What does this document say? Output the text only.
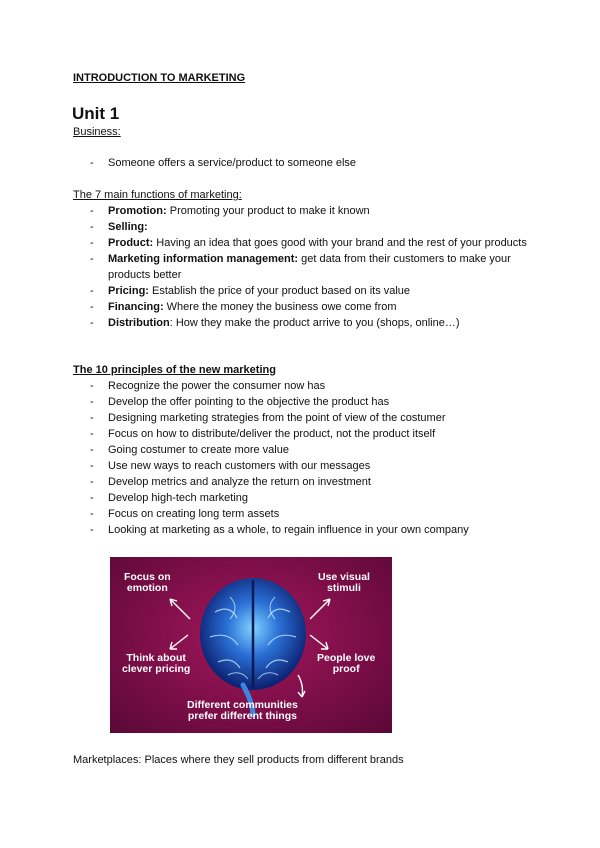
INTRODUCTION TO MARKETING
Unit 1
Business:
- Someone offers a service/product to someone else
The 7 main functions of marketing:
- Promotion: Promoting your product to make it known
- Selling:
- Product: Having an idea that goes good with your brand and the rest of your products
- Marketing information management: get data from their customers to make your products better
- Pricing: Establish the price of your product based on its value
- Financing: Where the money the business owe come from
- Distribution: How they make the product arrive to you (shops, online…)
The 10 principles of the new marketing
- Recognize the power the consumer now has
- Develop the offer pointing to the objective the product has
- Designing marketing strategies from the point of view of the costumer
- Focus on how to distribute/deliver the product, not the product itself
- Going costumer to create more value
- Use new ways to reach customers with our messages
- Develop metrics and analyze the return on investment
- Develop high-tech marketing
- Focus on creating long term assets
- Looking at marketing as a whole, to regain influence in your own company
Focus on
emotion
Use visual
stimuli
Think about
clever pricing
People love
proof
Different communities
prefer different things
Marketplaces: Places where they sell products from different brands
